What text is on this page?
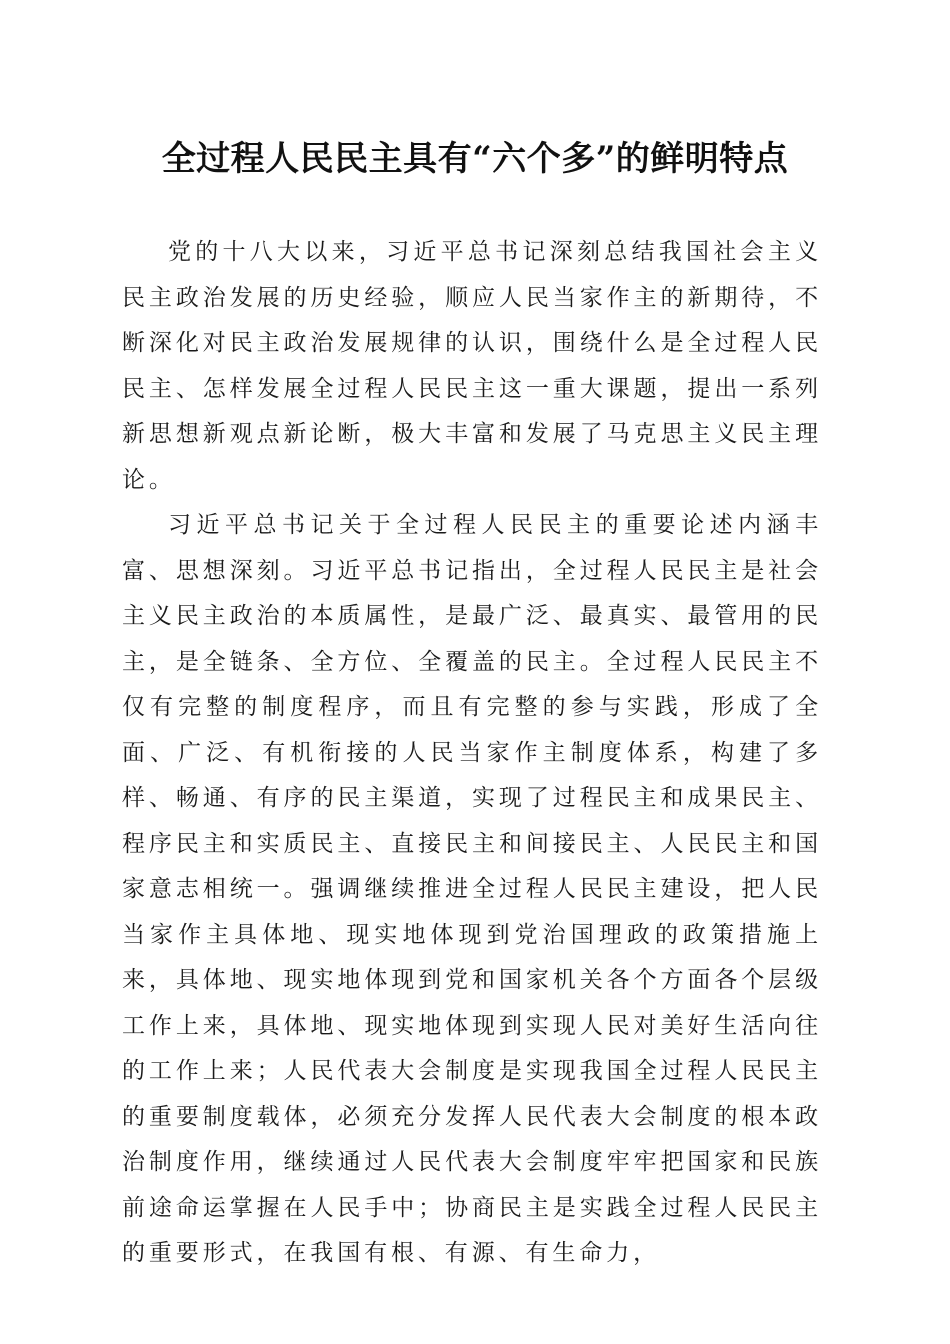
全过程人民民主具有“六个多”的鲜明特点

党的十八大以来，习近平总书记深刻总结我国社会主义民主政治发展的历史经验，顺应人民当家作主的新期待，不断深化对民主政治发展规律的认识，围绕什么是全过程人民民主、怎样发展全过程人民民主这一重大课题，提出一系列新思想新观点新论断，极大丰富和发展了马克思主义民主理论。

习近平总书记关于全过程人民民主的重要论述内涵丰富、思想深刻。习近平总书记指出，全过程人民民主是社会主义民主政治的本质属性，是最广泛、最真实、最管用的民主，是全链条、全方位、全覆盖的民主。全过程人民民主不仅有完整的制度程序，而且有完整的参与实践，形成了全面、广泛、有机衔接的人民当家作主制度体系，构建了多样、畅通、有序的民主渠道，实现了过程民主和成果民主、程序民主和实质民主、直接民主和间接民主、人民民主和国家意志相统一。强调继续推进全过程人民民主建设，把人民当家作主具体地、现实地体现到党治国理政的政策措施上来，具体地、现实地体现到党和国家机关各个方面各个层级工作上来，具体地、现实地体现到实现人民对美好生活向往的工作上来；人民代表大会制度是实现我国全过程人民民主的重要制度载体，必须充分发挥人民代表大会制度的根本政治制度作用，继续通过人民代表大会制度牢牢把国家和民族前途命运掌握在人民手中；协商民主是实践全过程人民民主的重要形式，在我国有根、有源、有生命力，
